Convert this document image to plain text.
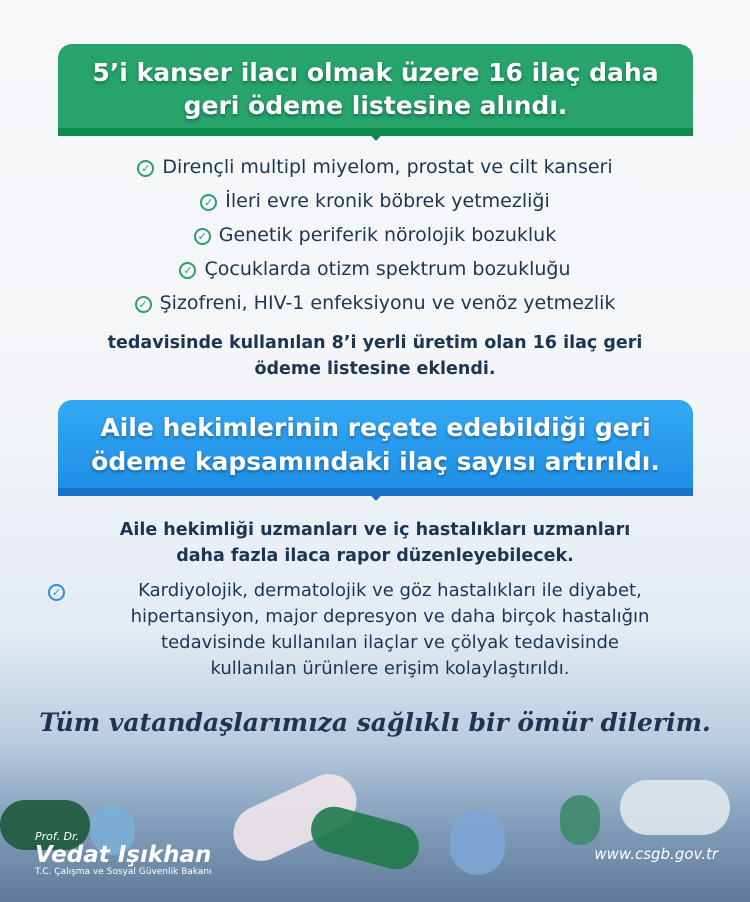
5’i kanser ilacı olmak üzere 16 ilaç daha
geri ödeme listesine alındı.
✓ Dirençli multipl miyelom, prostat ve cilt kanseri
✓ İleri evre kronik böbrek yetmezliği
✓ Genetik periferik nörolojik bozukluk
✓ Çocuklarda otizm spektrum bozukluğu
✓ Şizofreni, HIV-1 enfeksiyonu ve venöz yetmezlik
tedavisinde kullanılan 8’i yerli üretim olan 16 ilaç geri
ödeme listesine eklendi.
Aile hekimlerinin reçete edebildiği geri
ödeme kapsamındaki ilaç sayısı artırıldı.
Aile hekimliği uzmanları ve iç hastalıkları uzmanları
daha fazla ilaca rapor düzenleyebilecek.
✓	Kardiyolojik, dermatolojik ve göz hastalıkları ile diyabet,
hipertansiyon, major depresyon ve daha birçok hastalığın
tedavisinde kullanılan ilaçlar ve çölyak tedavisinde
kullanılan ürünlere erişim kolaylaştırıldı.
Tüm vatandaşlarımıza sağlıklı bir ömür dilerim.
Prof. Dr.
Vedat Işıkhan
T.C. Çalışma ve Sosyal Güvenlik Bakanı
www.csgb.gov.tr
